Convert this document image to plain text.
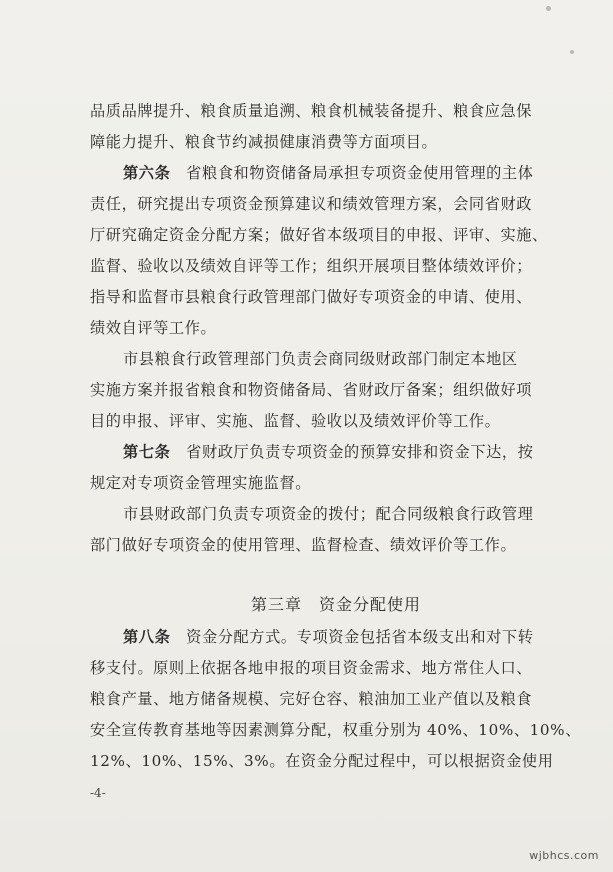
品质品牌提升、粮食质量追溯、粮食机械装备提升、粮食应急保
障能力提升、粮食节约减损健康消费等方面项目。

第六条　省粮食和物资储备局承担专项资金使用管理的主体
责任，研究提出专项资金预算建议和绩效管理方案，会同省财政
厅研究确定资金分配方案；做好省本级项目的申报、评审、实施、
监督、验收以及绩效自评等工作；组织开展项目整体绩效评价；
指导和监督市县粮食行政管理部门做好专项资金的申请、使用、
绩效自评等工作。

市县粮食行政管理部门负责会商同级财政部门制定本地区
实施方案并报省粮食和物资储备局、省财政厅备案；组织做好项
目的申报、评审、实施、监督、验收以及绩效评价等工作。

第七条　省财政厅负责专项资金的预算安排和资金下达，按
规定对专项资金管理实施监督。

市县财政部门负责专项资金的拨付；配合同级粮食行政管理
部门做好专项资金的使用管理、监督检查、绩效评价等工作。

第三章　资金分配使用

第八条　资金分配方式。专项资金包括省本级支出和对下转
移支付。原则上依据各地申报的项目资金需求、地方常住人口、
粮食产量、地方储备规模、完好仓容、粮油加工业产值以及粮食
安全宣传教育基地等因素测算分配，权重分别为 40%、10%、10%、
12%、10%、15%、3%。在资金分配过程中，可以根据资金使用

-4-
wjbhcs.com
